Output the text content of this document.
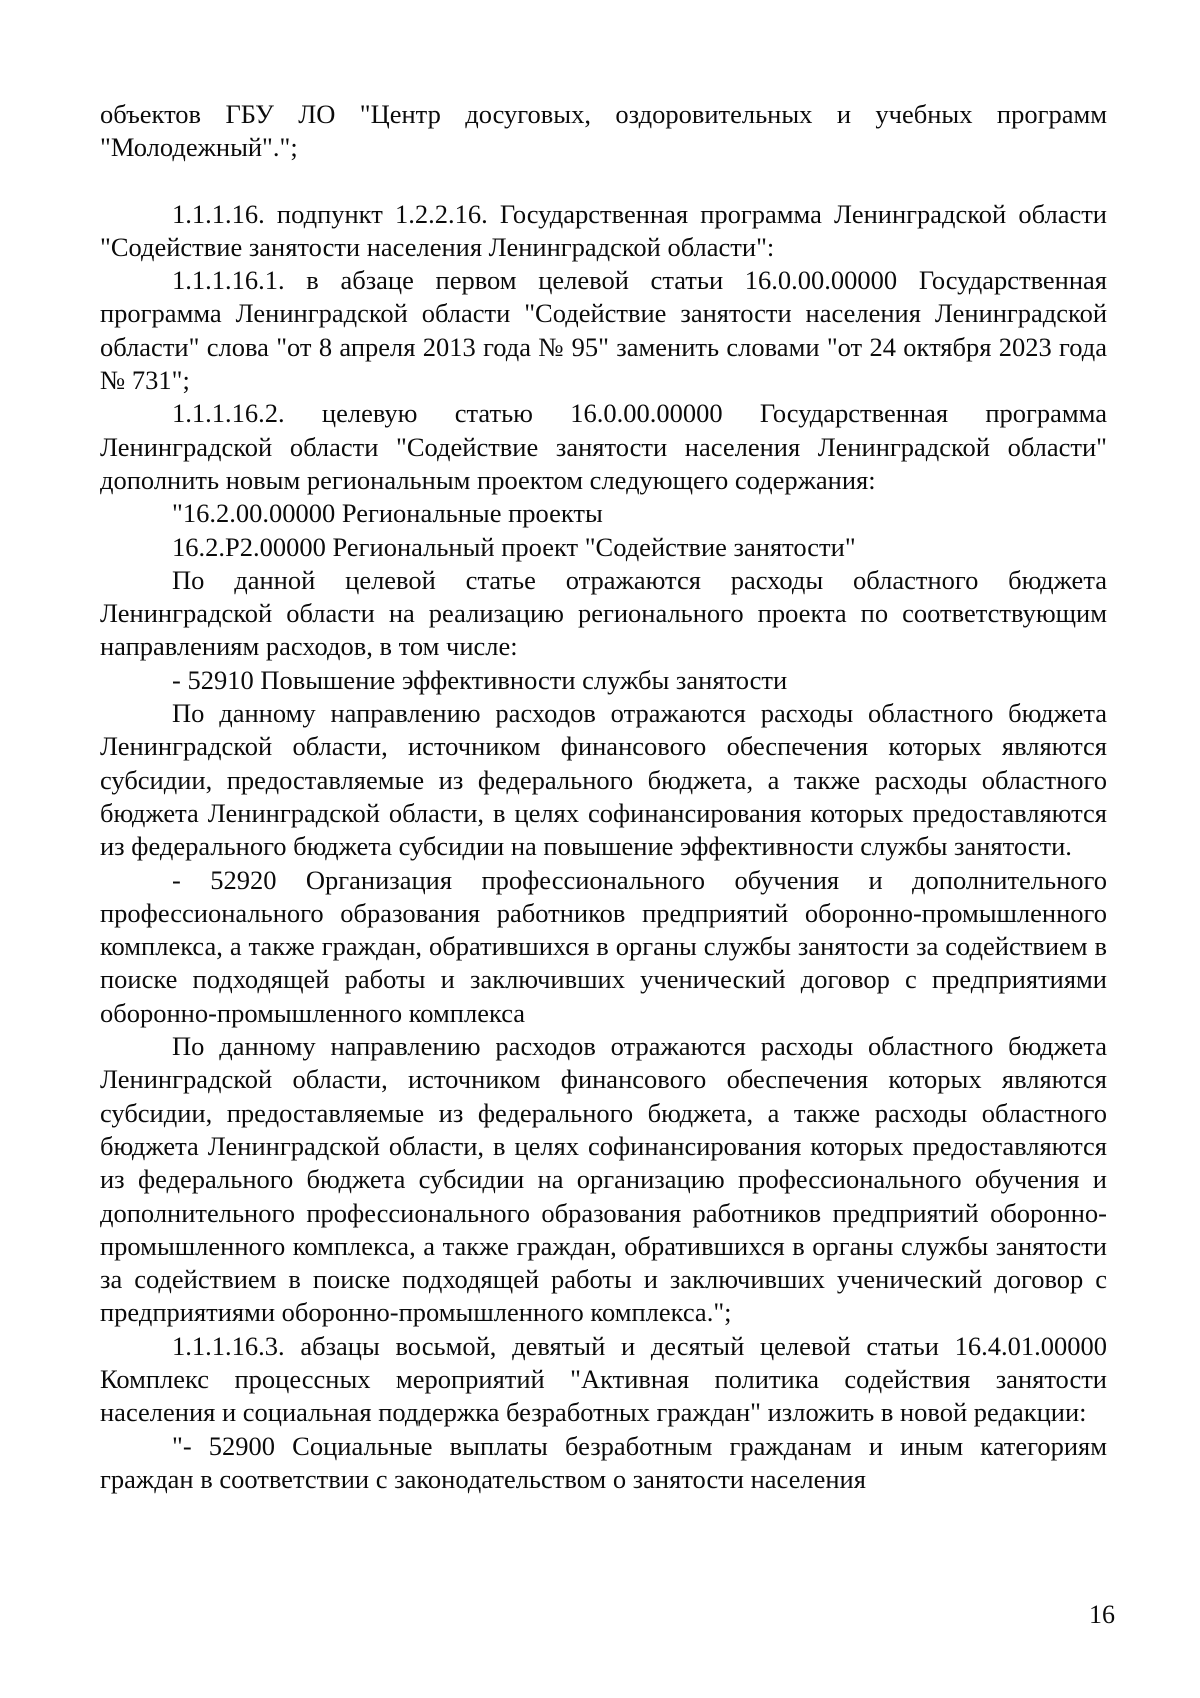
объектов ГБУ ЛО "Центр досуговых, оздоровительных и учебных программ "Молодежный".";

1.1.1.16. подпункт 1.2.2.16. Государственная программа Ленинградской области "Содействие занятости населения Ленинградской области":

1.1.1.16.1. в абзаце первом целевой статьи 16.0.00.00000 Государственная программа Ленинградской области "Содействие занятости населения Ленинградской области" слова "от 8 апреля 2013 года № 95" заменить словами "от 24 октября 2023 года № 731";

1.1.1.16.2. целевую статью 16.0.00.00000 Государственная программа Ленинградской области "Содействие занятости населения Ленинградской области" дополнить новым региональным проектом следующего содержания:

"16.2.00.00000 Региональные проекты

16.2.Р2.00000 Региональный проект "Содействие занятости"

По данной целевой статье отражаются расходы областного бюджета Ленинградской области на реализацию регионального проекта по соответствующим направлениям расходов, в том числе:

- 52910 Повышение эффективности службы занятости

По данному направлению расходов отражаются расходы областного бюджета Ленинградской области, источником финансового обеспечения которых являются субсидии, предоставляемые из федерального бюджета, а также расходы областного бюджета Ленинградской области, в целях софинансирования которых предоставляются из федерального бюджета субсидии на повышение эффективности службы занятости.

- 52920 Организация профессионального обучения и дополнительного профессионального образования работников предприятий оборонно-промышленного комплекса, а также граждан, обратившихся в органы службы занятости за содействием в поиске подходящей работы и заключивших ученический договор с предприятиями оборонно-промышленного комплекса

По данному направлению расходов отражаются расходы областного бюджета Ленинградской области, источником финансового обеспечения которых являются субсидии, предоставляемые из федерального бюджета, а также расходы областного бюджета Ленинградской области, в целях софинансирования которых предоставляются из федерального бюджета субсидии на организацию профессионального обучения и дополнительного профессионального образования работников предприятий оборонно-промышленного комплекса, а также граждан, обратившихся в органы службы занятости за содействием в поиске подходящей работы и заключивших ученический договор с предприятиями оборонно-промышленного комплекса.";

1.1.1.16.3. абзацы восьмой, девятый и десятый целевой статьи 16.4.01.00000 Комплекс процессных мероприятий "Активная политика содействия занятости населения и социальная поддержка безработных граждан" изложить в новой редакции:

"- 52900 Социальные выплаты безработным гражданам и иным категориям граждан в соответствии с законодательством о занятости населения

16
